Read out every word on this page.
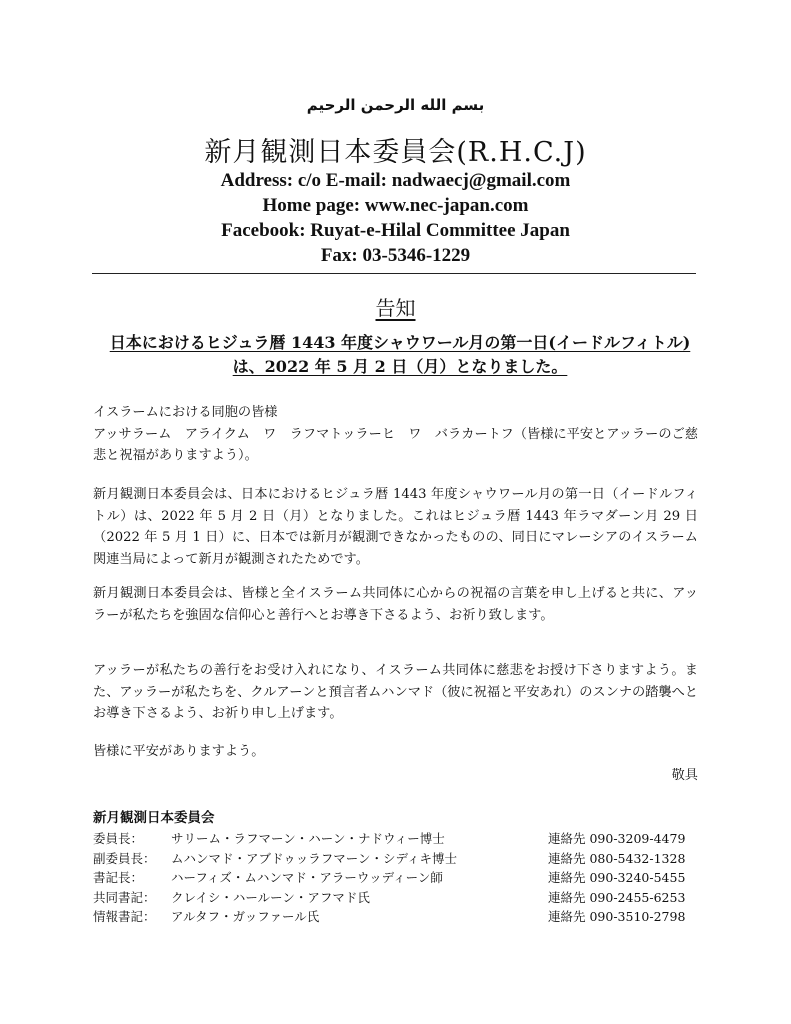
بسم الله الرحمن الرحيم
新月観測日本委員会(R.H.C.J)
Address: c/o E-mail: nadwaecj@gmail.com
Home page: www.nec-japan.com
Facebook: Ruyat-e-Hilal Committee Japan
Fax: 03-5346-1229
告知
日本におけるヒジュラ暦 1443 年度シャウワール月の第一日(イードルフィトル)は、2022 年 5 月 2 日（月）となりました。
イスラームにおける同胞の皆様
アッサラーム　アライクム　ワ　ラフマトッラーヒ　ワ　バラカートフ（皆様に平安とアッラーのご慈悲と祝福がありますよう）。
新月観測日本委員会は、日本におけるヒジュラ暦 1443 年度シャウワール月の第一日（イードルフィトル）は、2022 年 5 月 2 日（月）となりました。これはヒジュラ暦 1443 年ラマダーン月 29 日（2022 年 5 月 1 日）に、日本では新月が観測できなかったものの、同日にマレーシアのイスラーム関連当局によって新月が観測されたためです。
新月観測日本委員会は、皆様と全イスラーム共同体に心からの祝福の言葉を申し上げると共に、アッラーが私たちを強固な信仰心と善行へとお導き下さるよう、お祈り致します。
アッラーが私たちの善行をお受け入れになり、イスラーム共同体に慈悲をお授け下さりますよう。また、アッラーが私たちを、クルアーンと預言者ムハンマド（彼に祝福と平安あれ）のスンナの踏襲へとお導き下さるよう、お祈り申し上げます。
皆様に平安がありますよう。
敬具
新月観測日本委員会
委員長： サリーム・ラフマーン・ハーン・ナドウィー博士	連絡先 090-3209-4479
副委員長： ムハンマド・アブドゥッラフマーン・シディキ博士	連絡先 080-5432-1328
書記長： ハーフィズ・ムハンマド・アラーウッディーン師	連絡先 090-3240-5455
共同書記： クレイシ・ハールーン・アフマド氏	連絡先 090-2455-6253
情報書記： アルタフ・ガッファール氏	連絡先 090-3510-2798
